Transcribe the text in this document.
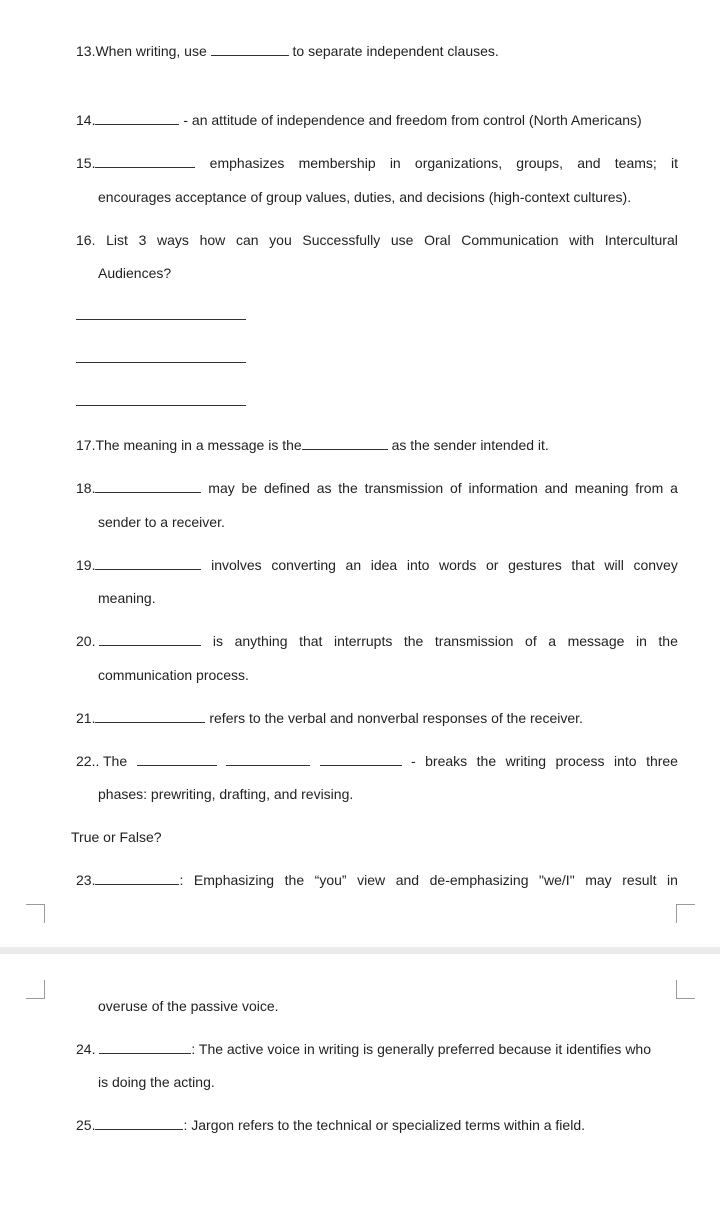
13.When writing, use	to separate independent clauses.
14.	- an attitude of independence and freedom from control (North Americans)
15.	emphasizes membership in organizations, groups, and teams; it
encourages acceptance of group values, duties, and decisions (high-context cultures).
16. List 3 ways how can you Successfully use Oral Communication with Intercultural
Audiences?
17.The meaning in a message is the	as the sender intended it.
18.	may be defined as the transmission of information and meaning from a
sender to a receiver.
19.	involves converting an idea into words or gestures that will convey
meaning.
20.	is anything that interrupts the transmission of a message in the
communication process.
21.	refers to the verbal and nonverbal responses of the receiver.
22.. The	- breaks the writing process into three
phases: prewriting, drafting, and revising.
True or False?
23.	: Emphasizing the “you” view and de-emphasizing "we/I" may result in
overuse of the passive voice.
24.	: The active voice in writing is generally preferred because it identifies who
is doing the acting.
25.	: Jargon refers to the technical or specialized terms within a field.
